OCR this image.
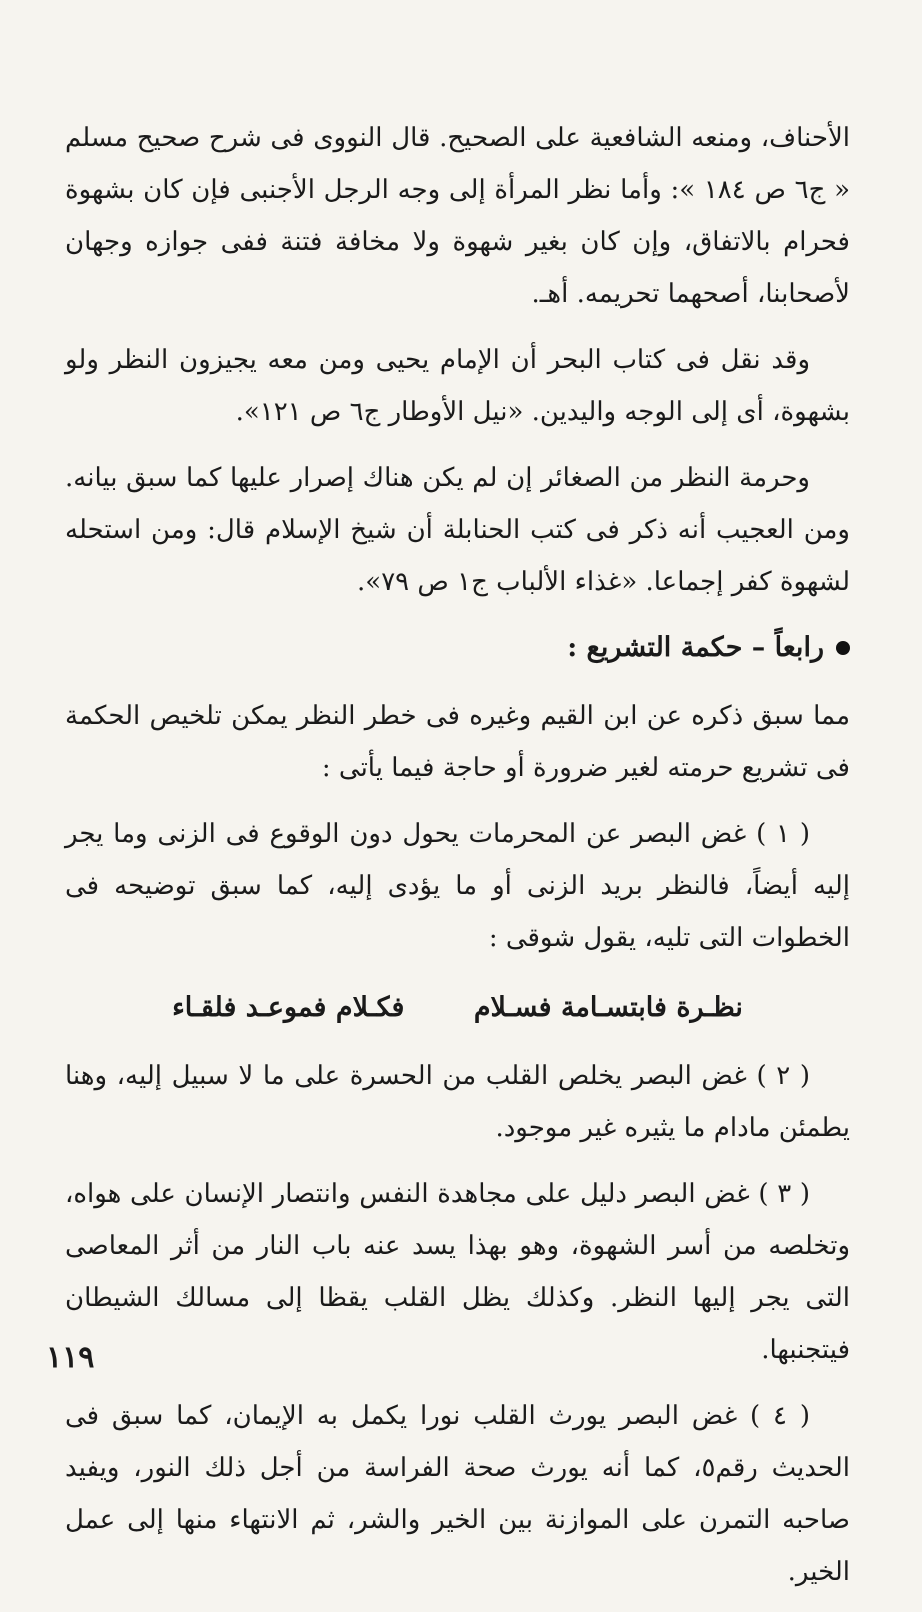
الأحناف، ومنعه الشافعية على الصحيح. قال النووى فى شرح صحيح مسلم « ج٦ ص ١٨٤ »: وأما نظر المرأة إلى وجه الرجل الأجنبى فإن كان بشهوة فحرام بالاتفاق، وإن كان بغير شهوة ولا مخافة فتنة ففى جوازه وجهان لأصحابنا، أصحهما تحريمه. أهـ.

وقد نقل فى كتاب البحر أن الإمام يحيى ومن معه يجيزون النظر ولو بشهوة، أى إلى الوجه واليدين. «نيل الأوطار ج٦ ص ١٢١».

وحرمة النظر من الصغائر إن لم يكن هناك إصرار عليها كما سبق بيانه. ومن العجيب أنه ذكر فى كتب الحنابلة أن شيخ الإسلام قال: ومن استحله لشهوة كفر إجماعا. «غذاء الألباب ج١ ص ٧٩».

رابعاً – حكمة التشريع :

مما سبق ذكره عن ابن القيم وغيره فى خطر النظر يمكن تلخيص الحكمة فى تشريع حرمته لغير ضرورة أو حاجة فيما يأتى :

( ١ ) غض البصر عن المحرمات يحول دون الوقوع فى الزنى وما يجر إليه أيضاً، فالنظر بريد الزنى أو ما يؤدى إليه، كما سبق توضيحه فى الخطوات التى تليه، يقول شوقى :

نظـرة فابتسـامة فسـلام فكـلام فموعـد فلقـاء

( ٢ ) غض البصر يخلص القلب من الحسرة على ما لا سبيل إليه، وهنا يطمئن مادام ما يثيره غير موجود.

( ٣ ) غض البصر دليل على مجاهدة النفس وانتصار الإنسان على هواه، وتخلصه من أسر الشهوة، وهو بهذا يسد عنه باب النار من أثر المعاصى التى يجر إليها النظر. وكذلك يظل القلب يقظا إلى مسالك الشيطان فيتجنبها.

( ٤ ) غض البصر يورث القلب نورا يكمل به الإيمان، كما سبق فى الحديث رقم٥، كما أنه يورث صحة الفراسة من أجل ذلك النور، ويفيد صاحبه التمرن على الموازنة بين الخير والشر، ثم الانتهاء منها إلى عمل الخير.

١١٩
